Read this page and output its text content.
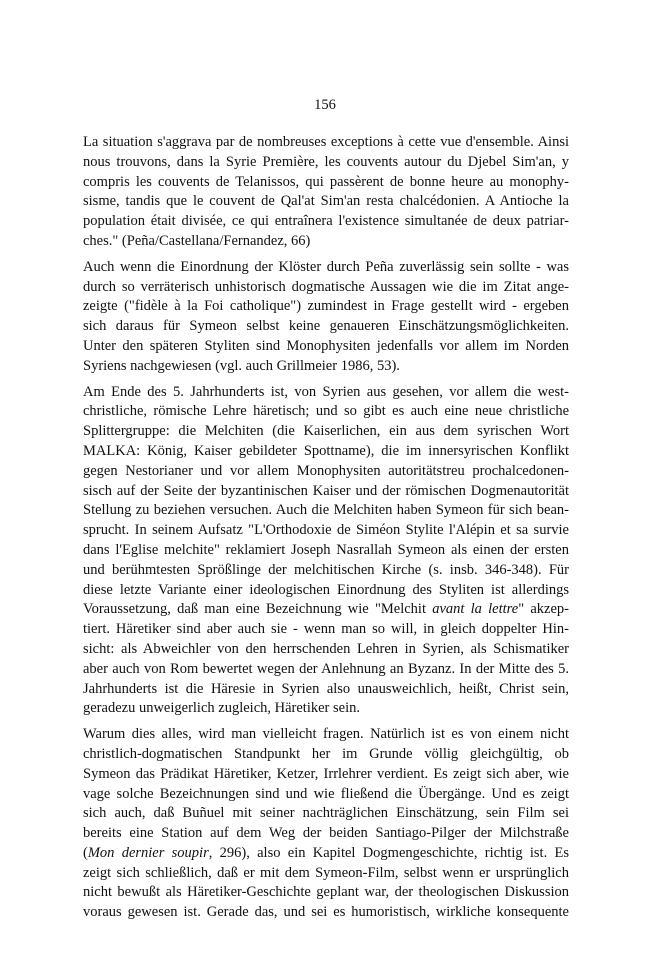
156

La situation s'aggrava par de nombreuses exceptions à cette vue d'ensemble. Ainsi
nous trouvons, dans la Syrie Première, les couvents autour du Djebel Sim'an, y
compris les couvents de Telanissos, qui passèrent de bonne heure au monophy-
sisme, tandis que le couvent de Qal'at Sim'an resta chalcédonien. A Antioche la
population était divisée, ce qui entraînera l'existence simultanée de deux patriar-
ches." (Peña/Castellana/Fernandez, 66)

Auch wenn die Einordnung der Klöster durch Peña zuverlässig sein sollte - was
durch so verräterisch unhistorisch dogmatische Aussagen wie die im Zitat ange-
zeigte ("fidèle à la Foi catholique") zumindest in Frage gestellt wird - ergeben
sich daraus für Symeon selbst keine genaueren Einschätzungsmöglichkeiten.
Unter den späteren Styliten sind Monophysiten jedenfalls vor allem im Norden
Syriens nachgewiesen (vgl. auch Grillmeier 1986, 53).

Am Ende des 5. Jahrhunderts ist, von Syrien aus gesehen, vor allem die west-
christliche, römische Lehre häretisch; und so gibt es auch eine neue christliche
Splittergruppe: die Melchiten (die Kaiserlichen, ein aus dem syrischen Wort
MALKA: König, Kaiser gebildeter Spottname), die im innersyrischen Konflikt
gegen Nestorianer und vor allem Monophysiten autoritätstreu prochalcedonen-
sisch auf der Seite der byzantinischen Kaiser und der römischen Dogmenautorität
Stellung zu beziehen versuchen. Auch die Melchiten haben Symeon für sich bean-
sprucht. In seinem Aufsatz "L'Orthodoxie de Siméon Stylite l'Alépin et sa survie
dans l'Eglise melchite" reklamiert Joseph Nasrallah Symeon als einen der ersten
und berühmtesten Sprößlinge der melchitischen Kirche (s. insb. 346-348). Für
diese letzte Variante einer ideologischen Einordnung des Styliten ist allerdings
Voraussetzung, daß man eine Bezeichnung wie "Melchit avant la lettre" akzep-
tiert. Häretiker sind aber auch sie - wenn man so will, in gleich doppelter Hin-
sicht: als Abweichler von den herrschenden Lehren in Syrien, als Schismatiker
aber auch von Rom bewertet wegen der Anlehnung an Byzanz. In der Mitte des 5.
Jahrhunderts ist die Häresie in Syrien also unausweichlich, heißt, Christ sein,
geradezu unweigerlich zugleich, Häretiker sein.

Warum dies alles, wird man vielleicht fragen. Natürlich ist es von einem nicht
christlich-dogmatischen Standpunkt her im Grunde völlig gleichgültig, ob
Symeon das Prädikat Häretiker, Ketzer, Irrlehrer verdient. Es zeigt sich aber, wie
vage solche Bezeichnungen sind und wie fließend die Übergänge. Und es zeigt
sich auch, daß Buñuel mit seiner nachträglichen Einschätzung, sein Film sei
bereits eine Station auf dem Weg der beiden Santiago-Pilger der Milchstraße
(Mon dernier soupir, 296), also ein Kapitel Dogmengeschichte, richtig ist. Es
zeigt sich schließlich, daß er mit dem Symeon-Film, selbst wenn er ursprünglich
nicht bewußt als Häretiker-Geschichte geplant war, der theologischen Diskussion
voraus gewesen ist. Gerade das, und sei es humoristisch, wirkliche konsequente
